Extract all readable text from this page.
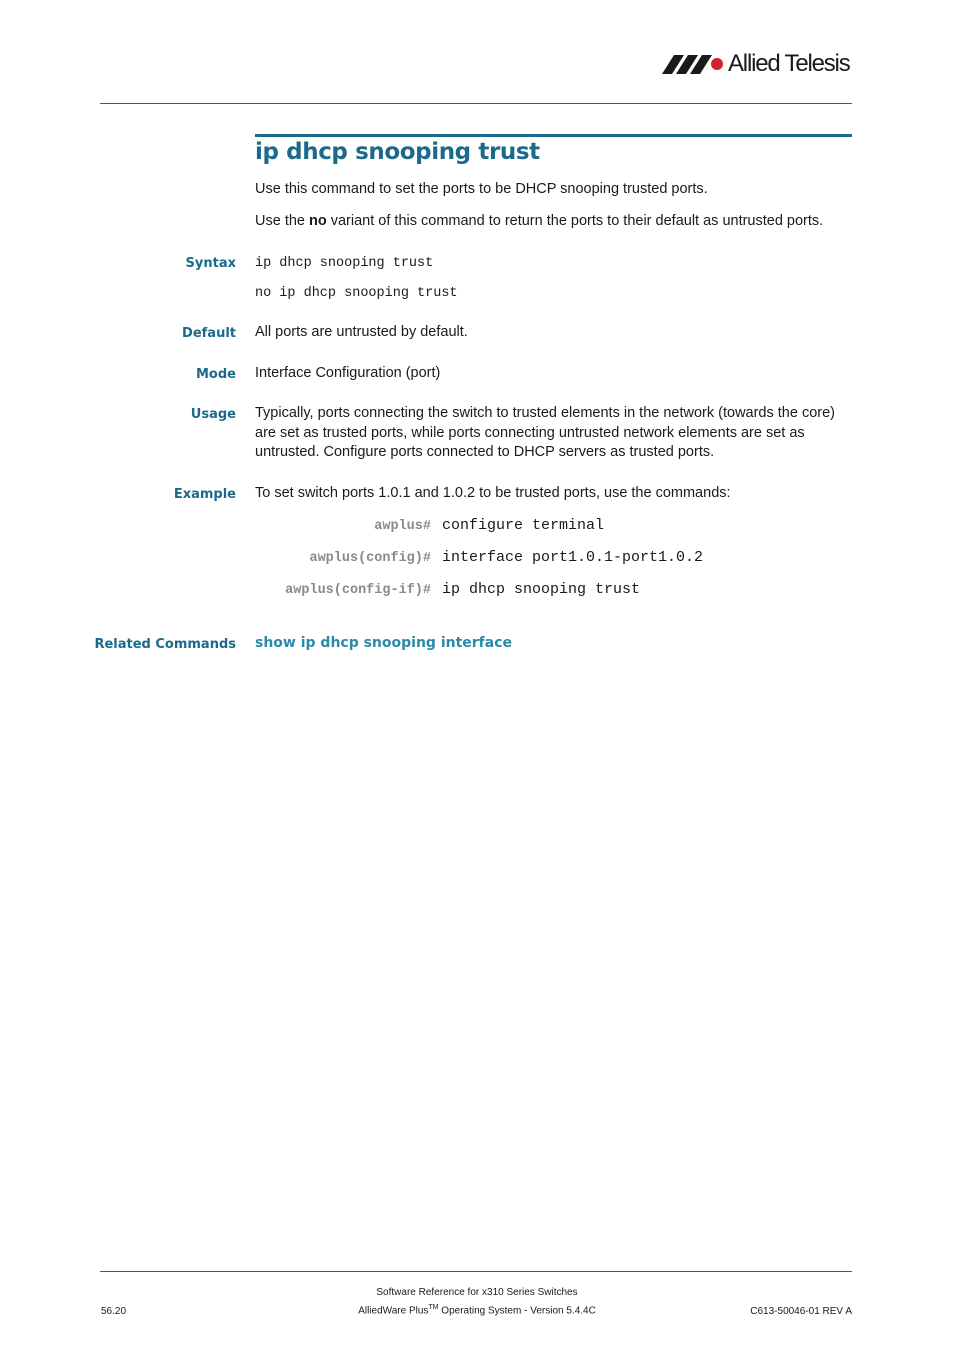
Allied Telesis
ip dhcp snooping trust
Use this command to set the ports to be DHCP snooping trusted ports.
Use the no variant of this command to return the ports to their default as untrusted ports.
Syntax ip dhcp snooping trust
no ip dhcp snooping trust
Default All ports are untrusted by default.
Mode Interface Configuration (port)
Usage Typically, ports connecting the switch to trusted elements in the network (towards the core) are set as trusted ports, while ports connecting untrusted network elements are set as untrusted. Configure ports connected to DHCP servers as trusted ports.
Example To set switch ports 1.0.1 and 1.0.2 to be trusted ports, use the commands:
awplus# configure terminal
awplus(config)# interface port1.0.1-port1.0.2
awplus(config-if)# ip dhcp snooping trust
Related Commands show ip dhcp snooping interface
Software Reference for x310 Series Switches
AlliedWare Plus™ Operating System - Version 5.4.4C
56.20	C613-50046-01 REV A
